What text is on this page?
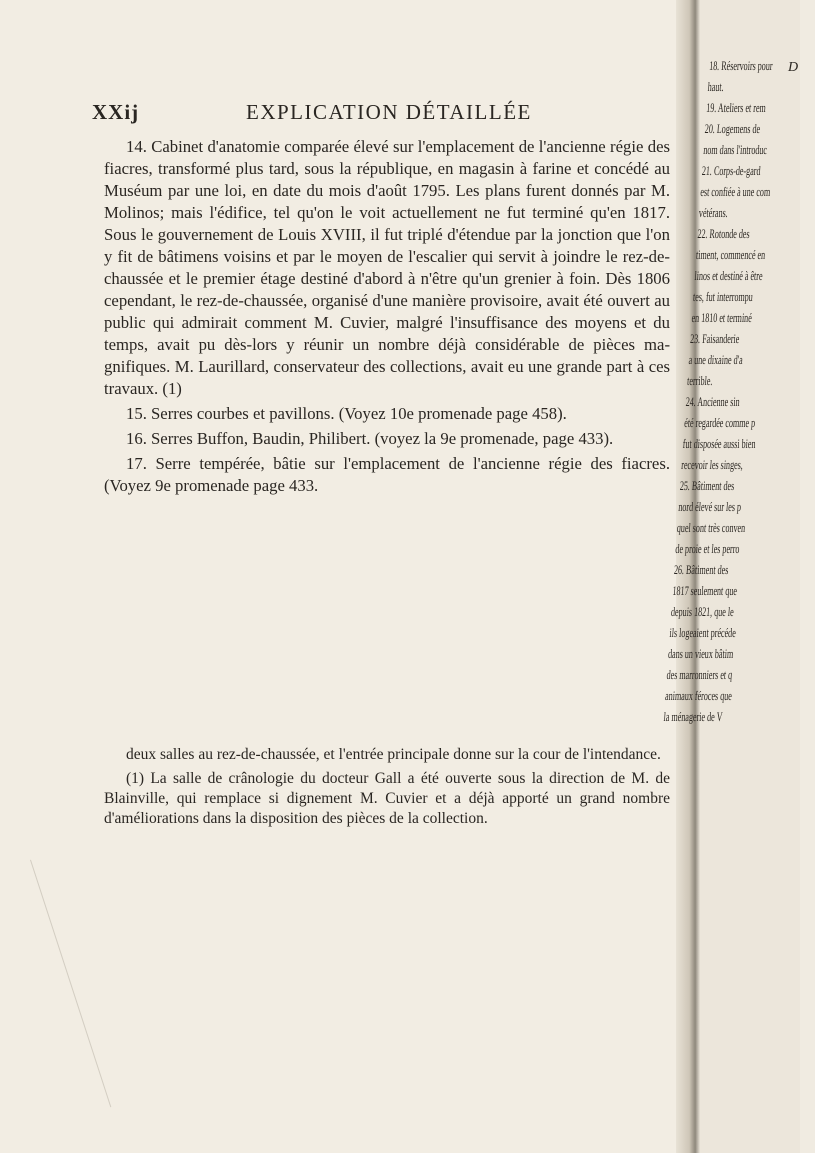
XXij	EXPLICATION DÉTAILLÉE

14. Cabinet d'anatomie comparée élevé sur l'emplacement de l'ancienne régie des fiacres, transformé plus tard, sous la république, en magasin à farine et concédé au Muséum par une loi, en date du mois d'août 1795. Les plans furent donnés par M. Molinos; mais l'édifice, tel qu'on le voit actuellement ne fut terminé qu'en 1817. Sous le gouvernement de Louis XVIII, il fut triplé d'étendue par la jonction que l'on y fit de bâtimens voisins et par le moyen de l'escalier qui servit à joindre le rez-de-chaussée et le premier étage destiné d'abord à n'être qu'un grenier à foin. Dès 1806 cependant, le rez-de-chaussée, organisé d'une manière provisoire, avait été ouvert au public qui admirait comment M. Cuvier, malgré l'insuffisance des moyens et du temps, avait pu dès-lors y réunir un nombre déjà considérable de pièces magnifiques. M. Laurillard, conservateur des collections, avait eu une grande part à ces travaux. (1)

15. Serres courbes et pavillons. (Voyez 10e promenade page 458).

16. Serres Buffon, Baudin, Philibert. (voyez la 9e promenade, page 433).

17. Serre tempérée, bâtie sur l'emplacement de l'ancienne régie des fiacres. (Voyez 9e promenade page 433.

deux salles au rez-de-chaussée, et l'entrée principale donne sur la cour de l'intendance.

(1) La salle de crânologie du docteur Gall a été ouverte sous la direction de M. de Blainville, qui remplace si dignement M. Cuvier et a déjà apporté un grand nombre d'améliorations dans la disposition des pièces de la collection.

18. Réservoirs pour
haut.
19. Ateliers et rem
20. Logemens de
nom dans l'introduc
21. Corps-de-gard
est confiée à une com
vétérans.
22. Rotonde des
timent, commencé en
linos et destiné à être
tes, fut interrompu
en 1810 et terminé
23. Faisanderie
a une dixaine d'a
terrible.
24. Ancienne sin
été regardée comme p
fut disposée aussi bien
recevoir les singes,
25. Bâtiment des
nord élevé sur les p
quel sont très conven
de proie et les perro
26. Bâtiment des
1817 seulement que
depuis 1821, que le
ils logeaient précéde
dans un vieux bâtim
des marronniers et q
animaux féroces que
la ménagerie de V
D
